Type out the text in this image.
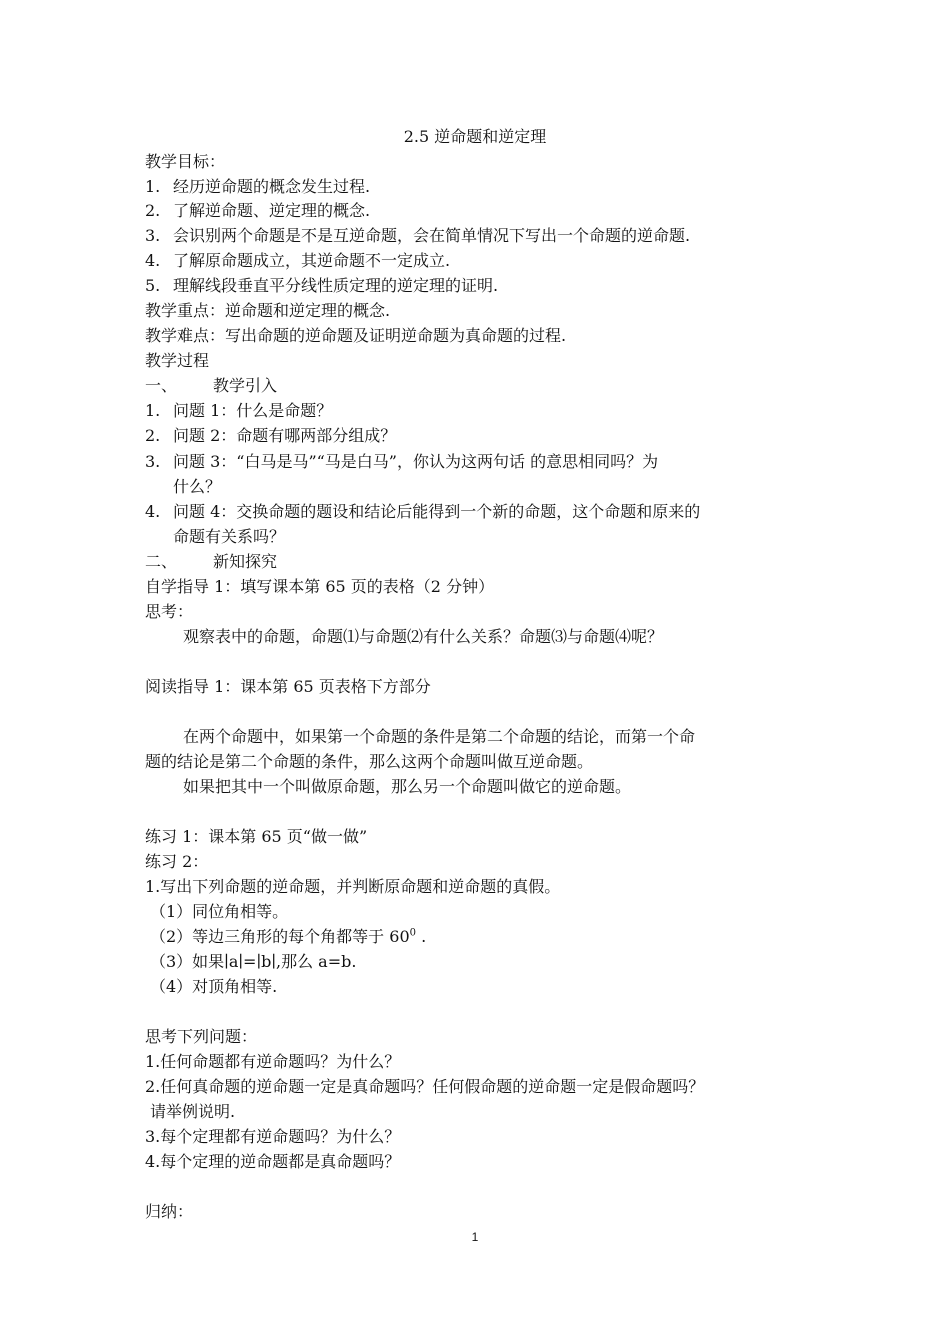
2.5 逆命题和逆定理
教学目标：
1. 经历逆命题的概念发生过程.
2. 了解逆命题、逆定理的概念.
3. 会识别两个命题是不是互逆命题，会在简单情况下写出一个命题的逆命题.
4. 了解原命题成立，其逆命题不一定成立.
5. 理解线段垂直平分线性质定理的逆定理的证明.
教学重点：逆命题和逆定理的概念.
教学难点：写出命题的逆命题及证明逆命题为真命题的过程.
教学过程
一、 教学引入
1. 问题 1：什么是命题？
2. 问题 2：命题有哪两部分组成？
3. 问题 3：“白马是马”“马是白马”，你认为这两句话 的意思相同吗？为
什么？
4. 问题 4：交换命题的题设和结论后能得到一个新的命题，这个命题和原来的
命题有关系吗？
二、 新知探究
自学指导 1：填写课本第 65 页的表格（2 分钟）
思考：
观察表中的命题，命题⑴与命题⑵有什么关系？命题⑶与命题⑷呢？
阅读指导 1：课本第 65 页表格下方部分
在两个命题中，如果第一个命题的条件是第二个命题的结论，而第一个命
题的结论是第二个命题的条件，那么这两个命题叫做互逆命题。
如果把其中一个叫做原命题，那么另一个命题叫做它的逆命题。
练习 1：课本第 65 页“做一做”
练习 2：
1.写出下列命题的逆命题，并判断原命题和逆命题的真假。
（1）同位角相等。
（2）等边三角形的每个角都等于 $60^0$ .
（3）如果∣a∣=∣b∣,那么 a=b.
（4）对顶角相等.
思考下列问题：
1.任何命题都有逆命题吗？为什么？
2.任何真命题的逆命题一定是真命题吗？任何假命题的逆命题一定是假命题吗？
请举例说明.
3.每个定理都有逆命题吗？为什么？
4.每个定理的逆命题都是真命题吗？
归纳：
1
